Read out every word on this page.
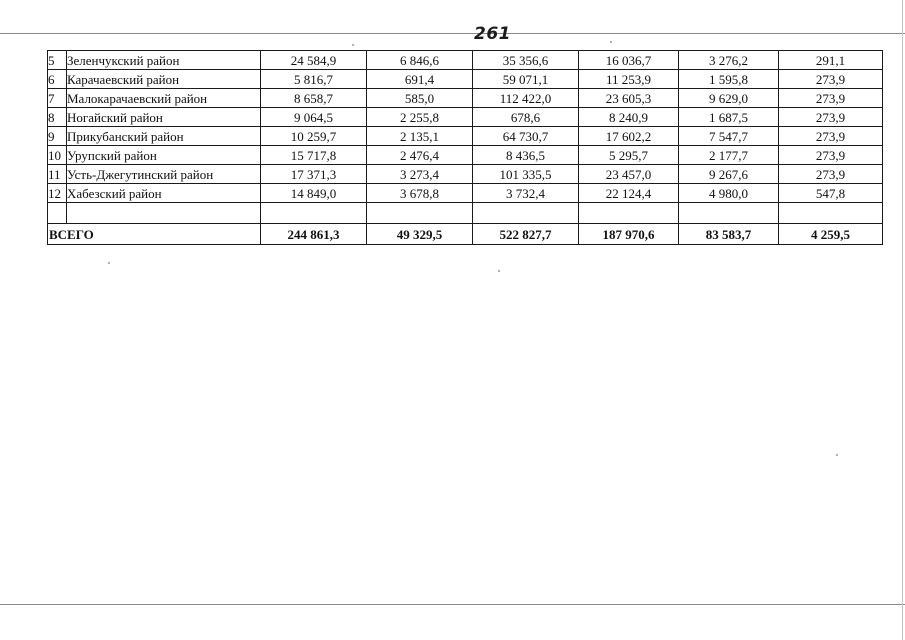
261
5	Зеленчукский район	24 584,9	6 846,6	35 356,6	16 036,7	3 276,2	291,1
6	Карачаевский район	5 816,7	691,4	59 071,1	11 253,9	1 595,8	273,9
7	Малокарачаевский район	8 658,7	585,0	112 422,0	23 605,3	9 629,0	273,9
8	Ногайский район	9 064,5	2 255,8	678,6	8 240,9	1 687,5	273,9
9	Прикубанский район	10 259,7	2 135,1	64 730,7	17 602,2	7 547,7	273,9
10	Урупский район	15 717,8	2 476,4	8 436,5	5 295,7	2 177,7	273,9
11	Усть-Джегутинский район	17 371,3	3 273,4	101 335,5	23 457,0	9 267,6	273,9
12	Хабезский район	14 849,0	3 678,8	3 732,4	22 124,4	4 980,0	547,8

ВСЕГО		244 861,3	49 329,5	522 827,7	187 970,6	83 583,7	4 259,5
